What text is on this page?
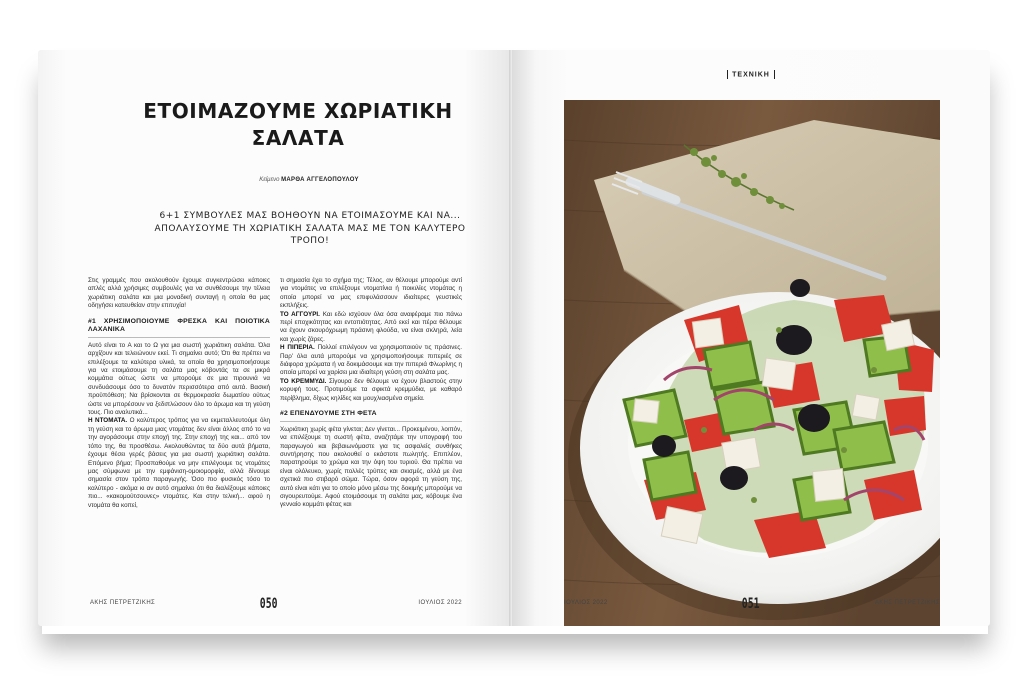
ΕΤΟΙΜΑΖΟΥΜΕ ΧΩΡΙΑΤΙΚΗ ΣΑΛΑΤΑ
Κείμενο ΜΑΡΘΑ ΑΓΓΕΛΟΠΟΥΛΟΥ

6+1 ΣΥΜΒΟΥΛΕΣ ΜΑΣ ΒΟΗΘΟΥΝ ΝΑ ΕΤΟΙΜΑΣΟΥΜΕ ΚΑΙ ΝΑ... ΑΠΟΛΑΥΣΟΥΜΕ ΤΗ ΧΩΡΙΑΤΙΚΗ ΣΑΛΑΤΑ ΜΑΣ ΜΕ ΤΟΝ ΚΑΛΥΤΕΡΟ ΤΡΟΠΟ!

Στις γραμμές που ακολουθούν έχουμε συγκεντρώσει κάποιες απλές αλλά χρήσιμες συμβουλές για να συνθέσουμε την τέλεια χωριάτικη σαλάτα και μια μοναδική συνταγή η οποία θα μας οδηγήσει κατευθείαν στην επιτυχία!

#1 ΧΡΗΣΙΜΟΠΟΙΟΥΜΕ ΦΡΕΣΚΑ ΚΑΙ ΠΟΙΟΤΙΚΑ ΛΑΧΑΝΙΚΑ

Αυτό είναι το Α και το Ω για μια σωστή χωριάτικη σαλάτα. Όλα αρχίζουν και τελειώνουν εκεί. Τι σημαίνει αυτό; Ότι θα πρέπει να επιλέξουμε τα καλύτερα υλικά, τα οποία θα χρησιμοποιήσουμε για να ετοιμάσουμε τη σαλάτα μας κόβοντάς τα σε μικρά κομμάτια ούτως ώστε να μπορούμε σε μια πιρουνιά να συνδυάσουμε όσο το δυνατόν περισσότερα από αυτά. Βασική προϋπόθεση; Να βρίσκονται σε θερμοκρασία δωματίου ούτως ώστε να μπορέσουν να ξεδιπλώσουν όλο το άρωμα και τη γεύση τους. Πιο αναλυτικά...

Η ΝΤΟΜΑΤΑ. Ο καλύτερος τρόπος για να εκμεταλλευτούμε όλη τη γεύση και το άρωμα μιας ντομάτας δεν είναι άλλος από το να την αγοράσουμε στην εποχή της. Στην εποχή της και... από τον τόπο της, θα προσθέσω. Ακολουθώντας τα δύο αυτά βήματα, έχουμε θέσει γερές βάσεις για μια σωστή χωριάτικη σαλάτα. Επόμενο βήμα; Προσπαθούμε να μην επιλέγουμε τις ντομάτες μας σύμφωνα με την εμφάνιση-ομοιομορφία, αλλά δίνουμε σημασία στον τρόπο παραγωγής. Όσο πιο φυσικός τόσο το καλύτερο - ακόμα κι αν αυτό σημαίνει ότι θα διαλέξουμε κάποιες πιο... «κακομούτσουνες» ντομάτες. Και στην τελική... αφού η ντομάτα θα κοπεί,

τι σημασία έχει το σχήμα της; Τέλος, αν θέλουμε μπορούμε αντί για ντομάτες να επιλέξουμε ντοματίνια ή ποικιλίες ντομάτας η οποία μπορεί να μας επιφυλάσσουν ιδιαίτερες γευστικές εκπλήξεις.

ΤΟ ΑΓΓΟΥΡΙ. Και εδώ ισχύουν όλα όσα αναφέραμε πιο πάνω περί εποχικότητας και εντοπιότητας. Από εκεί και πέρα θέλουμε να έχουν σκουρόχρωμη πράσινη φλούδα, να είναι σκληρά, λεία και χωρίς ζάρες.

Η ΠΙΠΕΡΙΑ. Πολλοί επιλέγουν να χρησιμοποιούν τις πράσινες. Παρ' όλα αυτά μπορούμε να χρησιμοποιήσουμε πιπεριές σε διάφορα χρώματα ή να δοκιμάσουμε και την πιπεριά Φλωρίνης η οποία μπορεί να χαρίσει μια ιδιαίτερη γεύση στη σαλάτα μας.

ΤΟ ΚΡΕΜΜΥΔΙ. Σίγουρα δεν θέλουμε να έχουν βλαστούς στην κορυφή τους. Προτιμούμε τα σφικτά κρεμμύδια, με καθαρό περίβλημα, δίχως κηλίδες και μουχλιασμένα σημεία.

#2 ΕΠΕΝΔΥΟΥΜΕ ΣΤΗ ΦΕΤΑ

Χωριάτικη χωρίς φέτα γίνεται; Δεν γίνεται... Προκειμένου, λοιπόν, να επιλέξουμε τη σωστή φέτα, αναζητάμε την υπογραφή του παραγωγού και βεβαιωνόμαστε για τις ασφαλείς συνθήκες συντήρησης που ακολουθεί ο εκάστοτε πωλητής. Επιπλέον, παρατηρούμε το χρώμα και την όψη του τυριού. Θα πρέπει να είναι ολόλευκο, χωρίς πολλές τρύπες και σκισμές, αλλά με ένα σχετικά πιο στιβαρό σώμα. Τώρα, όσον αφορά τη γεύση της, αυτό είναι κάτι για το οποίο μόνο μέσω της δοκιμής μπορούμε να σιγουρευτούμε. Αφού ετοιμάσουμε τη σαλάτα μας, κόβουμε ένα γενναίο κομμάτι φέτας και

ΑΚΗΣ ΠΕΤΡΕΤΖΙΚΗΣ	050	ΙΟΥΛΙΟΣ 2022
ΤΕΧΝΙΚΗ
ΙΟΥΛΙΟΣ 2022	051	ΑΚΗΣ ΠΕΤΡΕΤΖΙΚΗΣ
